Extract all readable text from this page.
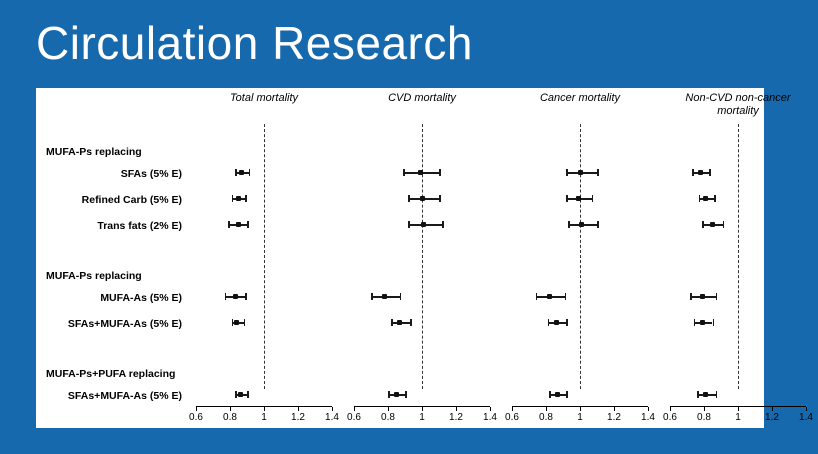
Circulation Research
Total mortality	CVD mortality	Cancer mortality	Non-CVD non-cancer mortality
MUFA-Ps replacing
MUFA-Ps replacing
MUFA-Ps+PUFA replacing
SFAs (5% E)
Refined Carb (5% E)
Trans fats (2% E)
MUFA-As (5% E)
SFAs+MUFA-As (5% E)
SFAs+MUFA-As (5% E)
0.6	0.8	1	1.2	1.4 0.6	0.8	1	1.2	1.4 0.6	0.8	1	1.2	1.4 0.6	0.8	1	1.2	1.4
